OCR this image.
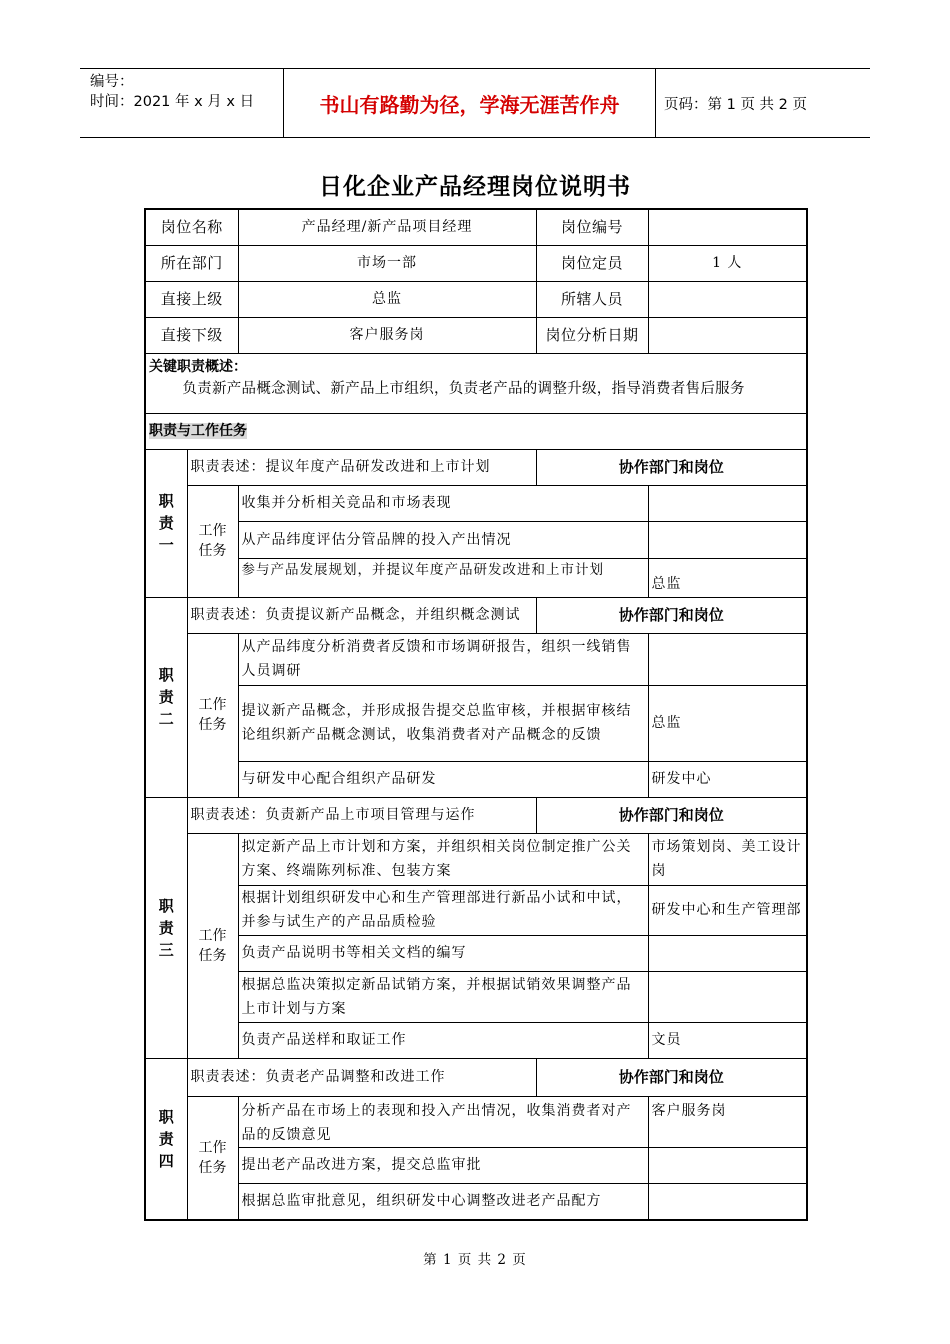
编号：
时间：2021 年 x 月 x 日	书山有路勤为径，学海无涯苦作舟	页码：第 1 页 共 2 页
日化企业产品经理岗位说明书
岗位名称		产品经理/新产品项目经理	岗位编号	
所在部门		市场一部	岗位定员	1 人
直接上级		总监	所辖人员	
直接下级		客户服务岗	岗位分析日期	

关键职责概述：
负责新产品概念测试、新产品上市组织，负责老产品的调整升级，指导消费者售后服务				

职责与工作任务				

职
责
一	职责表述：提议年度产品研发改进和上市计划		协作部门和岗位	

	工作
任务	收集并分析相关竞品和市场表现		
		从产品纬度评估分管品牌的投入产出情况		
		参与产品发展规划，并提议年度产品研发改进和上市计划		总监

职
责
二	职责表述：负责提议新产品概念，并组织概念测试		协作部门和岗位	

	工作
任务	从产品纬度分析消费者反馈和市场调研报告，组织一线销售人员调研		
		提议新产品概念，并形成报告提交总监审核，并根据审核结论组织新产品概念测试，收集消费者对产品概念的反馈		总监
		与研发中心配合组织产品研发		研发中心

职
责
三	职责表述：负责新产品上市项目管理与运作		协作部门和岗位	

	工作
任务	拟定新产品上市计划和方案，并组织相关岗位制定推广公关方案、终端陈列标准、包装方案		市场策划岗、美工设计岗
		根据计划组织研发中心和生产管理部进行新品小试和中试，并参与试生产的产品品质检验		研发中心和生产管理部
		负责产品说明书等相关文档的编写		
		根据总监决策拟定新品试销方案，并根据试销效果调整产品上市计划与方案		
		负责产品送样和取证工作		文员

职
责
四	职责表述：负责老产品调整和改进工作		协作部门和岗位	

	工作
任务	分析产品在市场上的表现和投入产出情况，收集消费者对产品的反馈意见		客户服务岗
		提出老产品改进方案，提交总监审批		
		根据总监审批意见，组织研发中心调整改进老产品配方		
第 1 页 共 2 页
